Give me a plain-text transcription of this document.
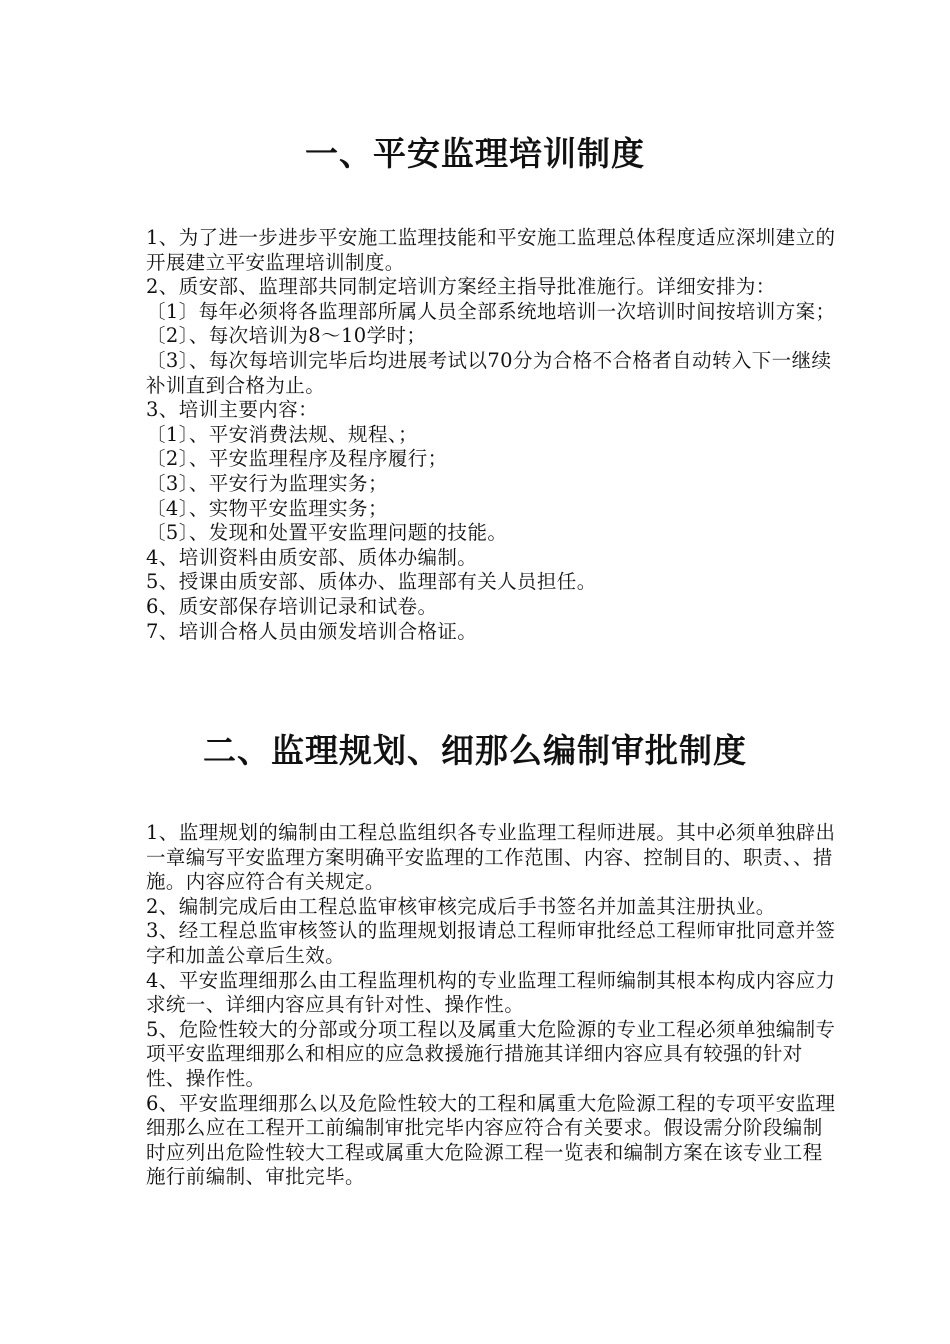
一、平安监理培训制度

1、为了进一步进步平安施工监理技能和平安施工监理总体程度适应深圳建立的开展建立平安监理培训制度。

2、质安部、监理部共同制定培训方案经主指导批准施行。详细安排为：

〔1〕每年必须将各监理部所属人员全部系统地培训一次培训时间按培训方案；

〔2〕、每次培训为8～10学时；

〔3〕、每次每培训完毕后均进展考试以70分为合格不合格者自动转入下一继续补训直到合格为止。

3、培训主要内容：

〔1〕、平安消费法规、规程、；

〔2〕、平安监理程序及程序履行；

〔3〕、平安行为监理实务；

〔4〕、实物平安监理实务；

〔5〕、发现和处置平安监理问题的技能。

4、培训资料由质安部、质体办编制。

5、授课由质安部、质体办、监理部有关人员担任。

6、质安部保存培训记录和试卷。

7、培训合格人员由颁发培训合格证。

二、监理规划、细那么编制审批制度

1、监理规划的编制由工程总监组织各专业监理工程师进展。其中必须单独辟出一章编写平安监理方案明确平安监理的工作范围、内容、控制目的、职责、、措施。内容应符合有关规定。

2、编制完成后由工程总监审核审核完成后手书签名并加盖其注册执业。

3、经工程总监审核签认的监理规划报请总工程师审批经总工程师审批同意并签字和加盖公章后生效。

4、平安监理细那么由工程监理机构的专业监理工程师编制其根本构成内容应力求统一、详细内容应具有针对性、操作性。

5、危险性较大的分部或分项工程以及属重大危险源的专业工程必须单独编制专项平安监理细那么和相应的应急救援施行措施其详细内容应具有较强的针对性、操作性。

6、平安监理细那么以及危险性较大的工程和属重大危险源工程的专项平安监理细那么应在工程开工前编制审批完毕内容应符合有关要求。假设需分阶段编制时应列出危险性较大工程或属重大危险源工程一览表和编制方案在该专业工程施行前编制、审批完毕。
